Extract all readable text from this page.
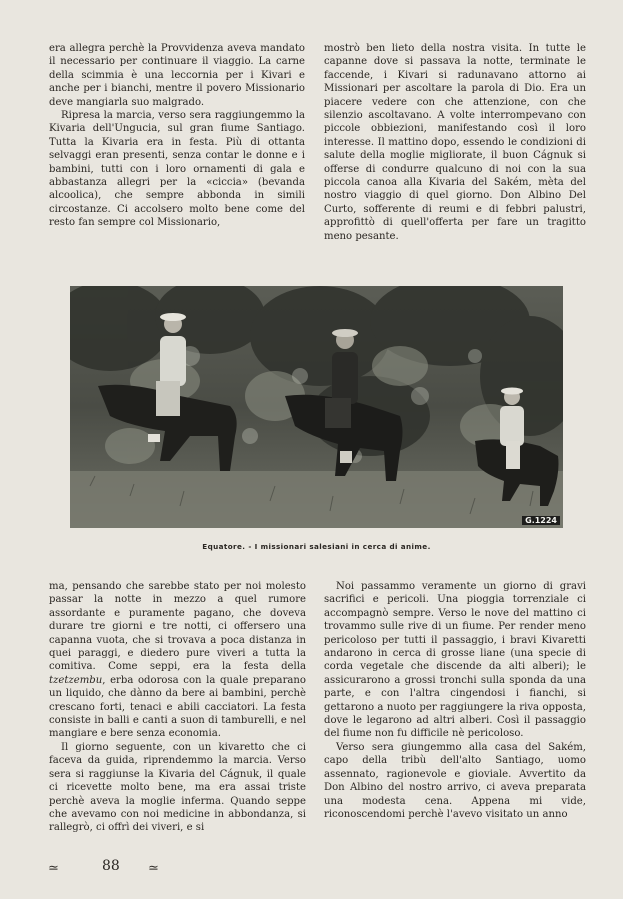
era allegra perchè la Provvidenza aveva mandato il necessario per continuare il viaggio. La carne della scimmia è una leccornia per i Kivari e anche per i bianchi, mentre il povero Missionario deve mangiarla suo malgrado.

Ripresa la marcia, verso sera raggiungemmo la Kivaria dell'Ungucia, sul gran fiume Santiago. Tutta la Kivaria era in festa. Più di ottanta selvaggi eran presenti, senza contar le donne e i bambini, tutti con i loro ornamenti di gala e abbastanza allegri per la «ciccia» (bevanda alcoolica), che sempre abbonda in simili circostanze. Ci accolsero molto bene come del resto fan sempre col Missionario,

mostrò ben lieto della nostra visita. In tutte le capanne dove si passava la notte, terminate le faccende, i Kivari si radunavano attorno ai Missionari per ascoltare la parola di Dio. Era un piacere vedere con che attenzione, con che silenzio ascoltavano. A volte interrompevano con piccole obbiezioni, manifestando così il loro interesse. Il mattino dopo, essendo le condizioni di salute della moglie migliorate, il buon Cágnuk si offerse di condurre qualcuno di noi con la sua piccola canoa alla Kivaria del Sakém, mèta del nostro viaggio di quel giorno. Don Albino Del Curto, sofferente di reumi e di febbri palustri, approfittò di quell'offerta per fare un tragitto meno pesante.

G.1224
Equatore. - I missionari salesiani in cerca di anime.

ma, pensando che sarebbe stato per noi molesto passar la notte in mezzo a quel rumore assordante e puramente pagano, che doveva durare tre giorni e tre notti, ci offersero una capanna vuota, che si trovava a poca distanza in quei paraggi, e diedero pure viveri a tutta la comitiva. Come seppi, era la festa della tzetzembu, erba odorosa con la quale preparano un liquido, che dànno da bere ai bambini, perchè crescano forti, tenaci e abili cacciatori. La festa consiste in balli e canti a suon di tamburelli, e nel mangiare e bere senza economia.

Il giorno seguente, con un kivaretto che ci faceva da guida, riprendemmo la marcia. Verso sera si raggiunse la Kivaria del Cágnuk, il quale ci ricevette molto bene, ma era assai triste perchè aveva la moglie inferma. Quando seppe che avevamo con noi medicine in abbondanza, si rallegrò, ci offrì dei viveri, e si

Noi passammo veramente un giorno di gravi sacrifici e pericoli. Una pioggia torrenziale ci accompagnò sempre. Verso le nove del mattino ci trovammo sulle rive di un fiume. Per render meno pericoloso per tutti il passaggio, i bravi Kivaretti andarono in cerca di grosse liane (una specie di corda vegetale che discende da alti alberi); le assicurarono a grossi tronchi sulla sponda da una parte, e con l'altra cingendosi i fianchi, si gettarono a nuoto per raggiungere la riva opposta, dove le legarono ad altri alberi. Così il passaggio del fiume non fu difficile nè pericoloso.

Verso sera giungemmo alla casa del Sakém, capo della tribù dell'alto Santiago, uomo assennato, ragionevole e gioviale. Avvertito da Don Albino del nostro arrivo, ci aveva preparata una modesta cena. Appena mi vide, riconoscendomi perchè l'avevo visitato un anno

≃	88 ≃
